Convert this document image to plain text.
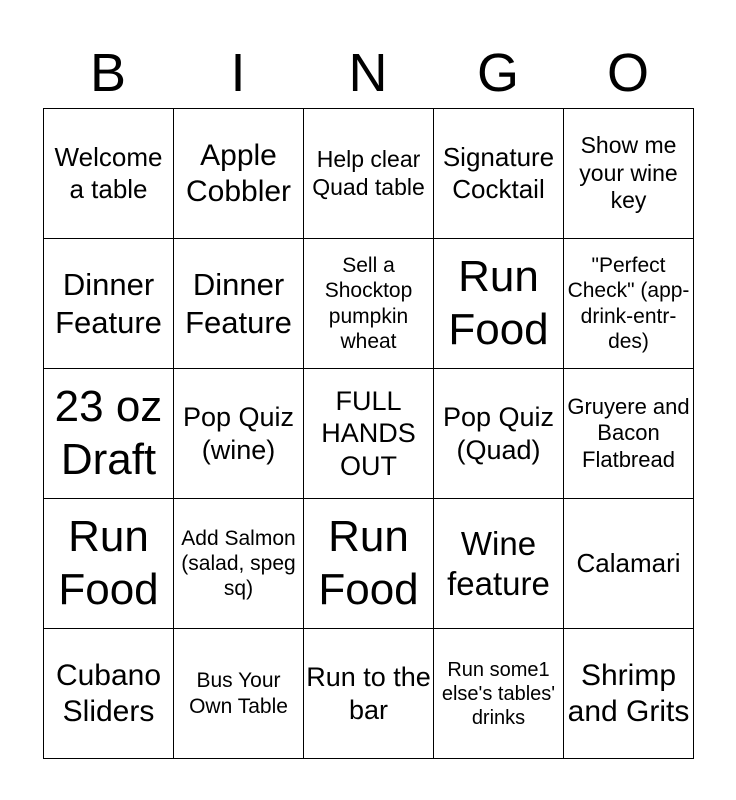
B	I	N	G	O
Welcome a table	Apple Cobbler	Help clear Quad table	Signature Cocktail	Show me your wine key
Dinner Feature	Dinner Feature	Sell a Shocktop pumpkin wheat	Run Food	"Perfect Check" (app-drink-entr-des)
23 oz Draft	Pop Quiz (wine)	FULL HANDS OUT	Pop Quiz (Quad)	Gruyere and Bacon Flatbread
Run Food	Add Salmon (salad, speg sq)	Run Food	Wine feature	Calamari
Cubano Sliders	Bus Your Own Table	Run to the bar	Run some1 else's tables' drinks	Shrimp and Grits
